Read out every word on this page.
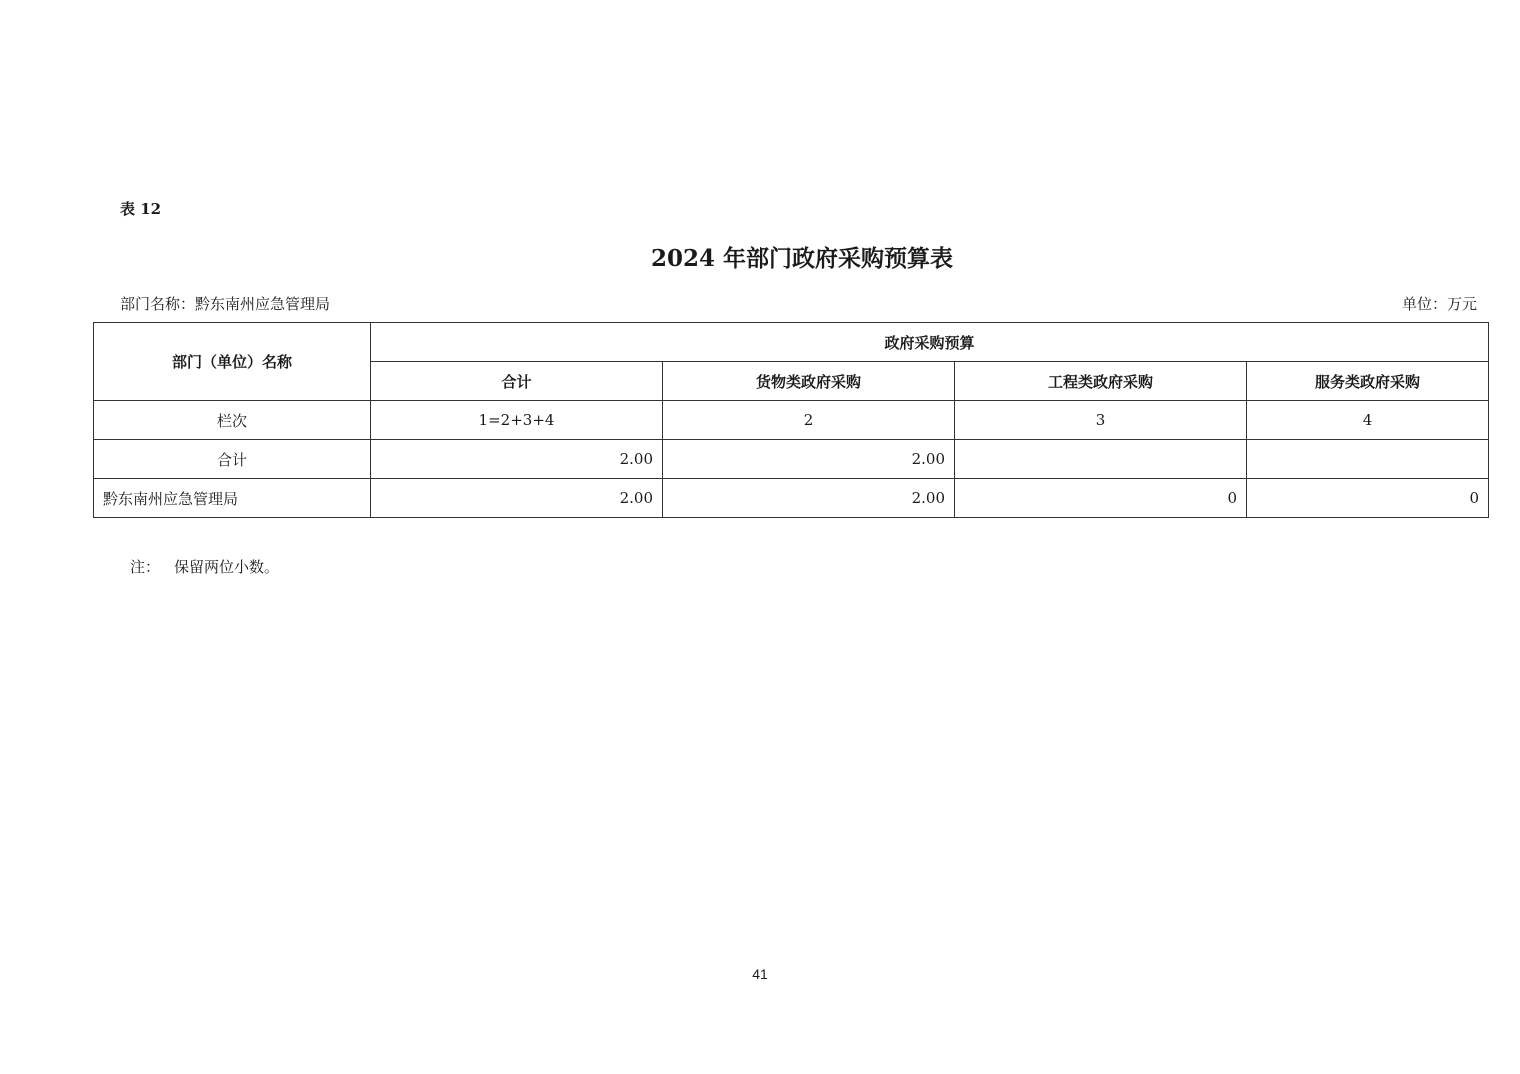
表 12
2024 年部门政府采购预算表
部门名称：黔东南州应急管理局	单位：万元
部门（单位）名称	政府采购预算			
	合计	货物类政府采购	工程类政府采购	服务类政府采购
栏次	1=2+3+4	2	3	4
合计	2.00	2.00		
黔东南州应急管理局	2.00	2.00	0	0
注： 保留两位小数。
41
